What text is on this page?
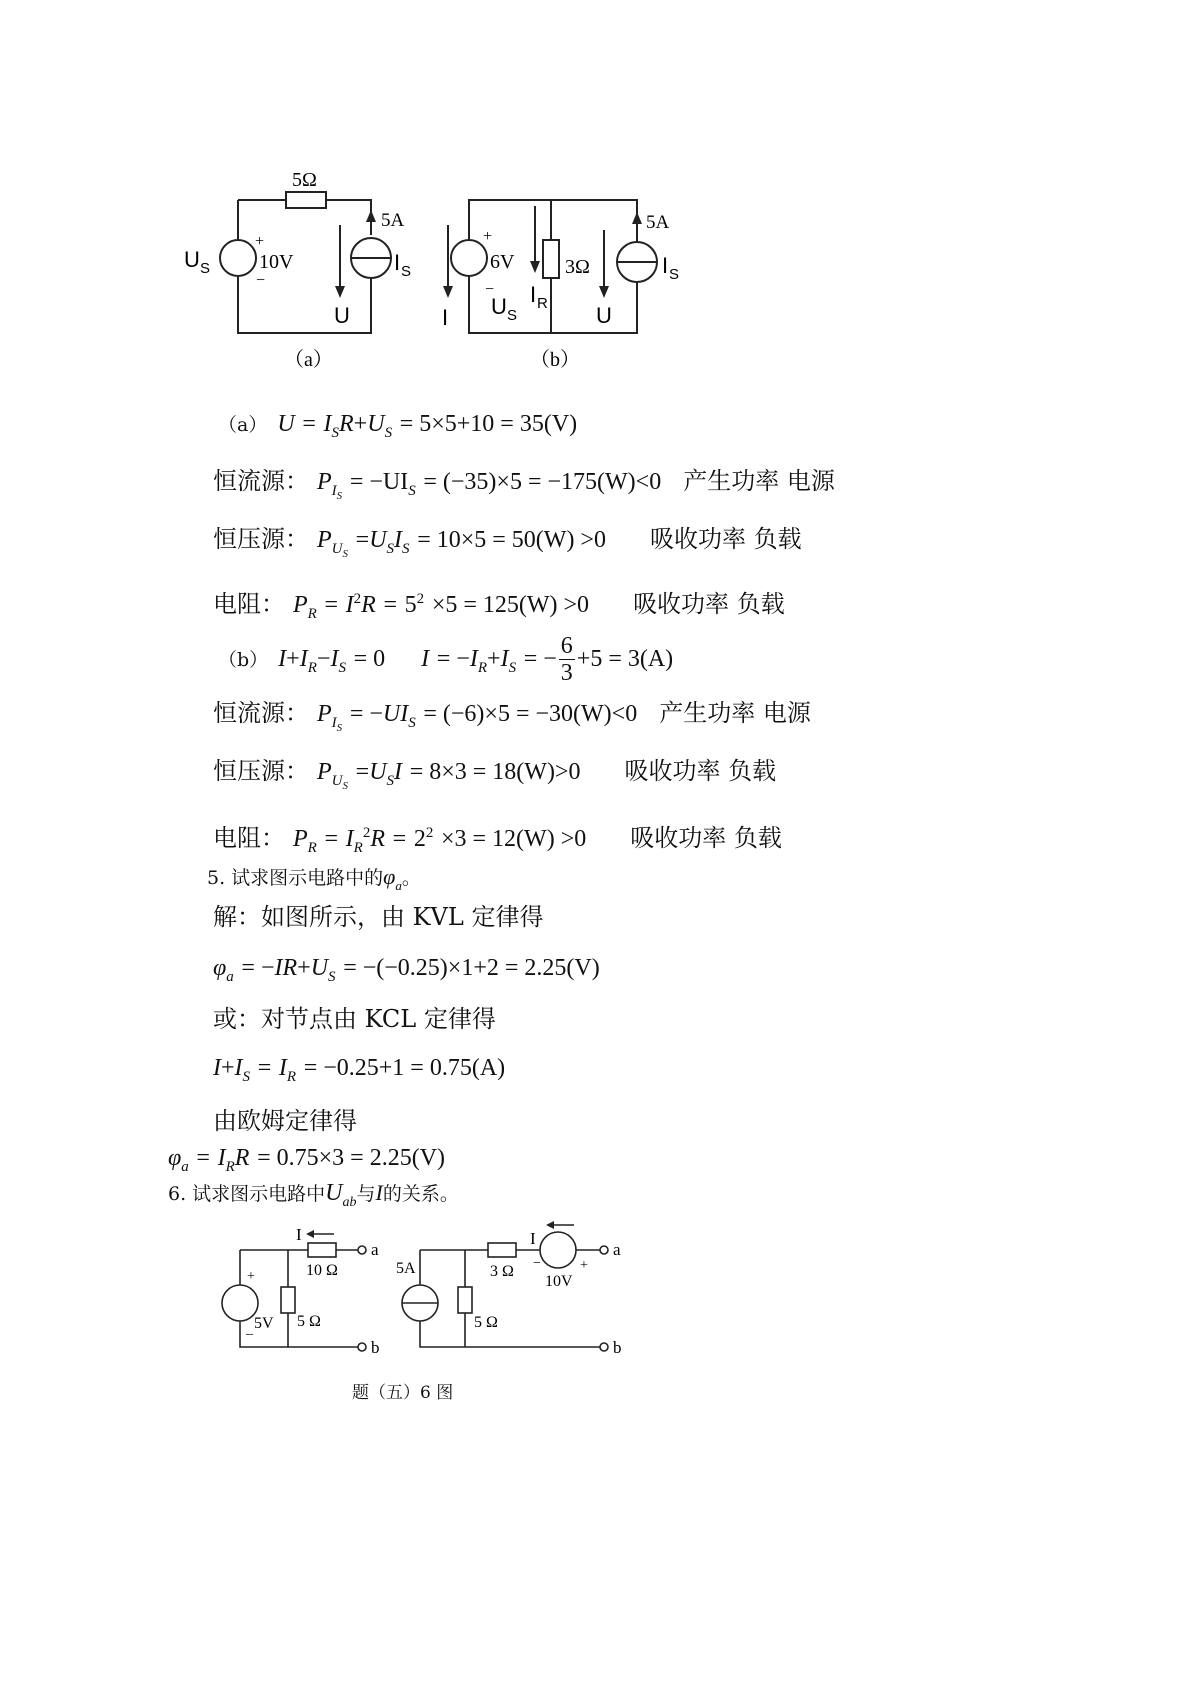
5Ω
5A
+
−
10V
U S	I S
U
（a）
+
6V
−
U S
I
I R
3Ω
5A
I S
U
（b）
（a） $U = I_SR+U_S = 5\times 5+10 = 35(V)$
恒流源： $P_{I_S} = -UI_S = (-35)\times 5 = -175(W)<0$ 产生功率 电源
恒压源： $P_{U_S} =U_SI_S = 10\times 5 = 50(W) >0$ 吸收功率 负载
电阻： $P_R = I^2R = 5^2 \times 5 = 125(W) >0$ 吸收功率 负载
（b） $I+I_R-I_S = 0$ $I = -I_R+I_S$ = − $\frac{6}{3} +5 = 3(A)$
恒流源： $P_{I_S} = -UI_S = (-6)\times 5 = -30(W)<0$ 产生功率 电源
恒压源： $P_{U_S} =U_SI = 8\times 3 = 18(W)>0$ 吸收功率 负载
电阻： $P_R = I_R^2R = 2^2 \times 3 = 12(W) >0$ 吸收功率 负载
5. 试求图示电路中的$\varphi_a$。
解：如图所示，由 KVL 定律得
$\varphi_a = -IR+U_S = -(-0.25)\times 1+2 = 2.25(V)$
或：对节点由 KCL 定律得
$I+I_S = I_R = -0.25+1 = 0.75(A)$
由欧姆定律得
$\varphi_a = I_RR = 0.75\times 3 = 2.25(V)$
6. 试求图示电路中$U_{ab}$与I的关系。
I
10 Ω
+
_ 5V 5 Ω
a
b
5A	3 Ω
5 Ω
I
−	+
10V
a
b
题（五）6 图
